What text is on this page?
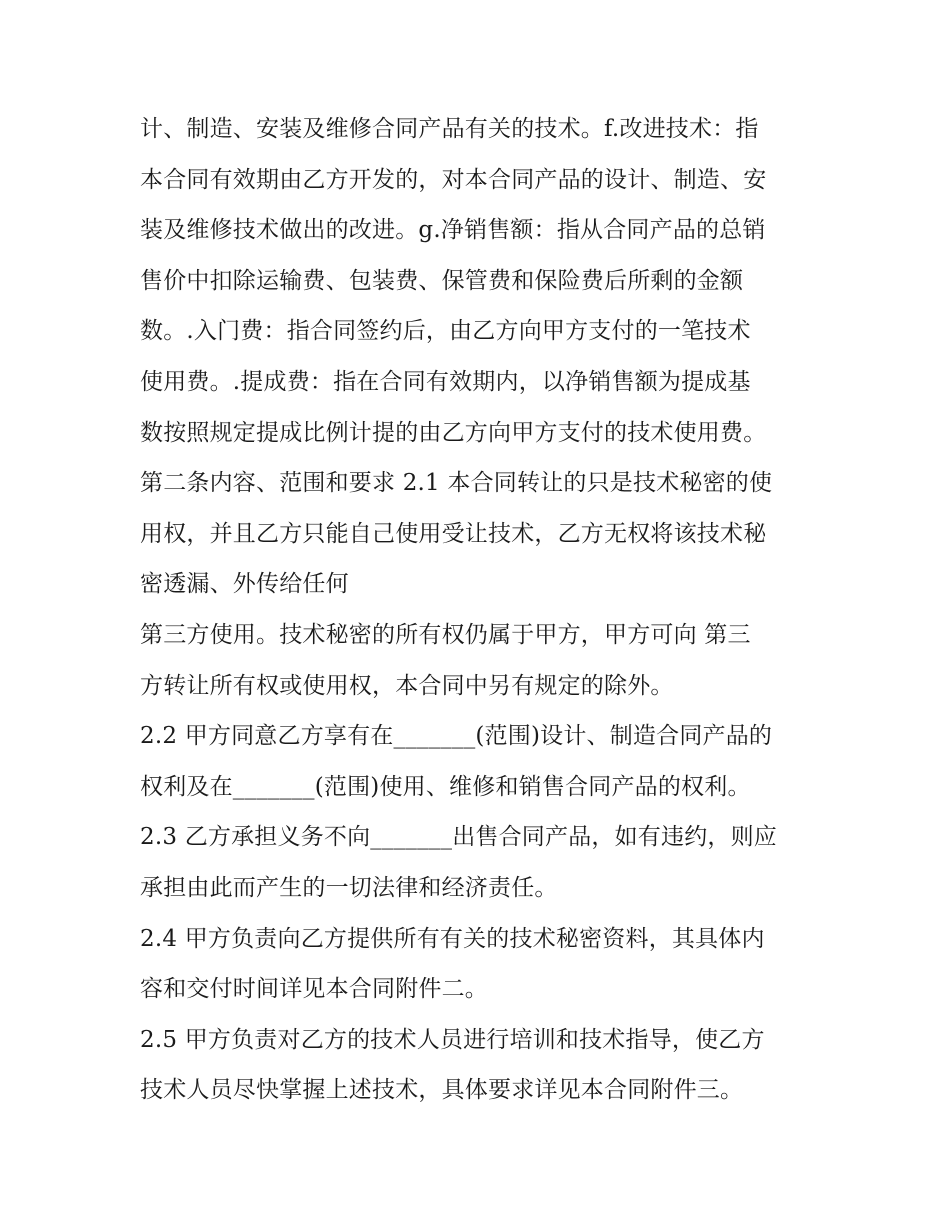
计、制造、安装及维修合同产品有关的技术。f.改进技术：指
本合同有效期由乙方开发的，对本合同产品的设计、制造、安
装及维修技术做出的改进。g.净销售额：指从合同产品的总销
售价中扣除运输费、包装费、保管费和保险费后所剩的金额
数。.入门费：指合同签约后，由乙方向甲方支付的一笔技术
使用费。.提成费：指在合同有效期内，以净销售额为提成基
数按照规定提成比例计提的由乙方向甲方支付的技术使用费。
第二条内容、范围和要求 2.1 本合同转让的只是技术秘密的使
用权，并且乙方只能自己使用受让技术，乙方无权将该技术秘
密透漏、外传给任何
第三方使用。技术秘密的所有权仍属于甲方，甲方可向 第三
方转让所有权或使用权，本合同中另有规定的除外。
2.2 甲方同意乙方享有在_______(范围)设计、制造合同产品的
权利及在_______(范围)使用、维修和销售合同产品的权利。
2.3 乙方承担义务不向_______出售合同产品，如有违约，则应
承担由此而产生的一切法律和经济责任。
2.4 甲方负责向乙方提供所有有关的技术秘密资料，其具体内
容和交付时间详见本合同附件二。
2.5 甲方负责对乙方的技术人员进行培训和技术指导，使乙方
技术人员尽快掌握上述技术，具体要求详见本合同附件三。
